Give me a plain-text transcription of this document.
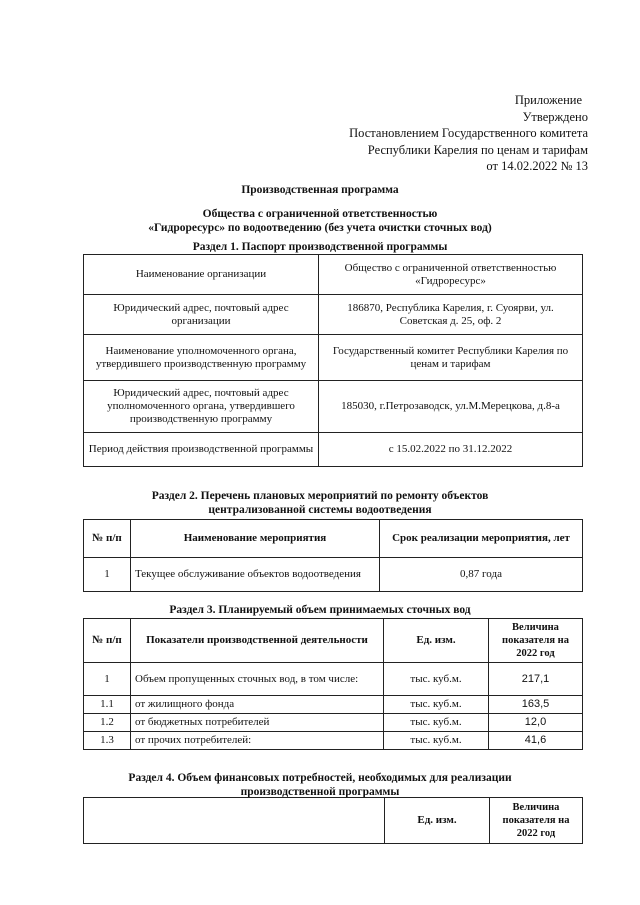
Приложение
Утверждено
Постановлением Государственного комитета
Республики Карелия по ценам и тарифам
от 14.02.2022 № 13
Производственная программа
Общества с ограниченной ответственностью
«Гидроресурс» по водоотведению (без учета очистки сточных вод)
Раздел 1. Паспорт производственной программы
Наименование организации	Общество с ограниченной ответственностью «Гидроресурс»
Юридический адрес, почтовый адрес организации	186870, Республика Карелия, г. Суоярви, ул. Советская д. 25, оф. 2
Наименование уполномоченного органа, утвердившего производственную программу	Государственный комитет Республики Карелия по ценам и тарифам
Юридический адрес, почтовый адрес уполномоченного органа, утвердившего производственную программу	185030, г.Петрозаводск, ул.М.Мерецкова, д.8-а
Период действия производственной программы	с 15.02.2022 по 31.12.2022
Раздел 2. Перечень плановых мероприятий по ремонту объектов
централизованной системы водоотведения
№ п/п	Наименование мероприятия	Срок реализации мероприятия, лет
1	Текущее обслуживание объектов водоотведения	0,87 года
Раздел 3. Планируемый объем принимаемых сточных вод
№ п/п	Показатели производственной деятельности	Ед. изм.	Величина показателя на 2022 год
1	Объем пропущенных сточных вод, в том числе:	тыс. куб.м.	217,1
1.1	от жилищного фонда	тыс. куб.м.	163,5
1.2	от бюджетных потребителей	тыс. куб.м.	12,0
1.3	от прочих потребителей:	тыс. куб.м.	41,6
Раздел 4. Объем финансовых потребностей, необходимых для реализации
производственной программы
	Ед. изм.	Величина показателя на 2022 год
